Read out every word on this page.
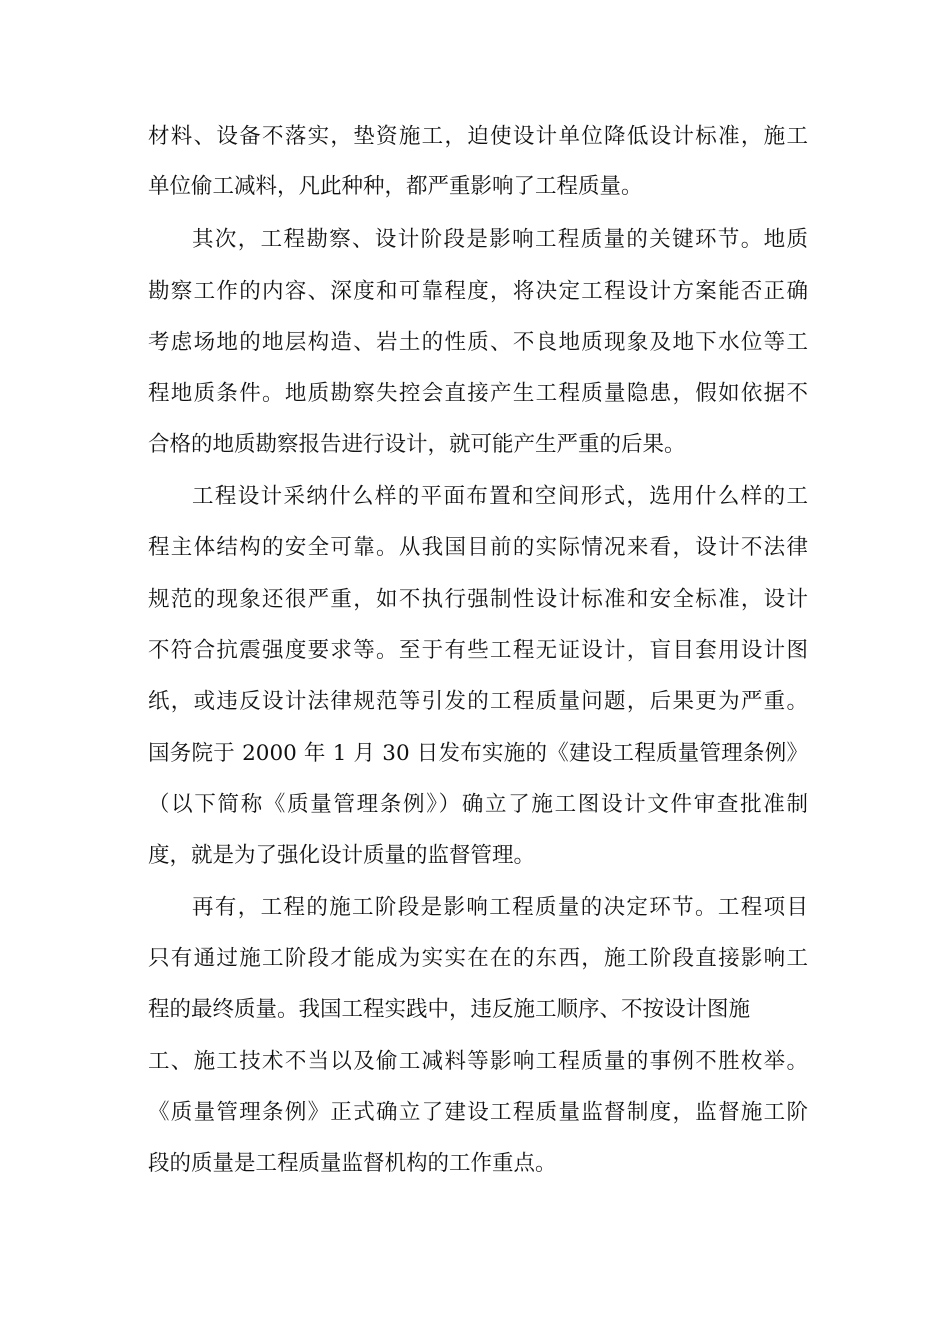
材料、设备不落实，垫资施工，迫使设计单位降低设计标准，施工
单位偷工减料，凡此种种，都严重影响了工程质量。
其次，工程勘察、设计阶段是影响工程质量的关键环节。地质
勘察工作的内容、深度和可靠程度，将决定工程设计方案能否正确
考虑场地的地层构造、岩土的性质、不良地质现象及地下水位等工
程地质条件。地质勘察失控会直接产生工程质量隐患，假如依据不
合格的地质勘察报告进行设计，就可能产生严重的后果。
工程设计采纳什么样的平面布置和空间形式，选用什么样的工
程主体结构的安全可靠。从我国目前的实际情况来看，设计不法律
规范的现象还很严重，如不执行强制性设计标准和安全标准，设计
不符合抗震强度要求等。至于有些工程无证设计，盲目套用设计图
纸，或违反设计法律规范等引发的工程质量问题，后果更为严重。
国务院于 2000 年 1 月 30 日发布实施的《建设工程质量管理条例》
（以下简称《质量管理条例》）确立了施工图设计文件审查批准制
度，就是为了强化设计质量的监督管理。
再有，工程的施工阶段是影响工程质量的决定环节。工程项目
只有通过施工阶段才能成为实实在在的东西，施工阶段直接影响工
程的最终质量。我国工程实践中，违反施工顺序、不按设计图施
工、施工技术不当以及偷工减料等影响工程质量的事例不胜枚举。
《质量管理条例》正式确立了建设工程质量监督制度，监督施工阶
段的质量是工程质量监督机构的工作重点。
